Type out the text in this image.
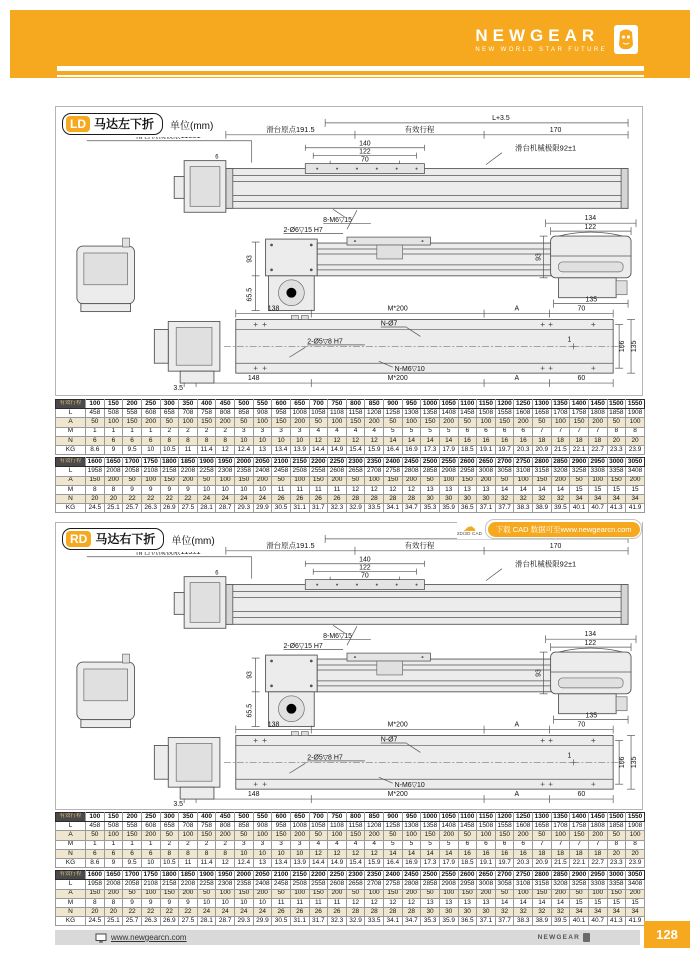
NEWGEAR
NEW WORLD STAR FUTURE
LD 马达左下折 单位(mm)
RD 马达右下折 单位(mm)
☁
2D/3D CAD	下载 CAD 数据可至www.newgearcn.com
L+3.5
滑台原点191.5	有效行程	170
滑台机械极限92±1
140
122
70
6
8-M6▽15
2-Ø6▽15 H7
93
65.5
134
122
93
135
138	M*200	A	70
N-Ø7
2-Ø5▽8 H7
N-M6▽10
1
3.5
148	M*200	A	60
106 135
滑台原点191.5	有效行程	170
滑台机械极限92±1
140
122
70
6
8-M6▽15
2-Ø6▽15 H7
93
65.5
134
122
93
135
138	M*200	A	70
N-Ø7
2-Ø5▽8 H7
N-M6▽10
1
3.5
148	M*200	A	60
106 135
有效行程	100	150	200	250	300	350	400	450	500	550	600	650	700	750	800	850	900	950	1000	1050	1100	1150	1200	1250	1300	1350	1400	1450	1500	1550
L	458	508	558	608	658	708	758	808	858	908	958	1008	1058	1108	1158	1208	1258	1308	1358	1408	1458	1508	1558	1608	1658	1708	1758	1808	1858	1908
A	50	100	150	200	50	100	150	200	50	100	150	200	50	100	150	200	50	100	150	200	50	100	150	200	50	100	150	200	50	100
M	1	1	1	1	2	2	2	2	3	3	3	3	4	4	4	4	5	5	5	5	6	6	6	6	7	7	7	7	8	8
N	6	6	6	6	8	8	8	8	10	10	10	10	12	12	12	12	14	14	14	14	16	16	16	16	18	18	18	18	20	20
KG	8.6	9	9.5	10	10.5	11	11.4	12	12.4	13	13.4	13.9	14.4	14.9	15.4	15.9	16.4	16.9	17.3	17.9	18.5	19.1	19.7	20.3	20.9	21.5	22.1	22.7	23.3	23.9
有效行程	1600	1650	1700	1750	1800	1850	1900	1950	2000	2050	2100	2150	2200	2250	2300	2350	2400	2450	2500	2550	2600	2650	2700	2750	2800	2850	2900	2950	3000	3050
L	1958	2008	2058	2108	2158	2208	2258	2308	2358	2408	2458	2508	2558	2608	2658	2708	2758	2808	2858	2908	2958	3008	3058	3108	3158	3208	3258	3308	3358	3408
A	150	200	50	100	150	200	50	100	150	200	50	100	150	200	50	100	150	200	50	100	150	200	50	100	150	200	50	100	150	200
M	8	8	9	9	9	9	10	10	10	10	11	11	11	11	12	12	12	12	13	13	13	13	14	14	14	14	15	15	15	15
N	20	20	22	22	22	22	24	24	24	24	26	26	26	26	28	28	28	28	30	30	30	30	32	32	32	32	34	34	34	34
KG	24.5	25.1	25.7	26.3	26.9	27.5	28.1	28.7	29.3	29.9	30.5	31.1	31.7	32.3	32.9	33.5	34.1	34.7	35.3	35.9	36.5	37.1	37.7	38.3	38.9	39.5	40.1	40.7	41.3	41.9
有效行程	100	150	200	250	300	350	400	450	500	550	600	650	700	750	800	850	900	950	1000	1050	1100	1150	1200	1250	1300	1350	1400	1450	1500	1550
L	458	508	558	608	658	708	758	808	858	908	958	1008	1058	1108	1158	1208	1258	1308	1358	1408	1458	1508	1558	1608	1658	1708	1758	1808	1858	1908
A	50	100	150	200	50	100	150	200	50	100	150	200	50	100	150	200	50	100	150	200	50	100	150	200	50	100	150	200	50	100
M	1	1	1	1	2	2	2	2	3	3	3	3	4	4	4	4	5	5	5	5	6	6	6	6	7	7	7	7	8	8
N	6	6	6	6	8	8	8	8	10	10	10	10	12	12	12	12	14	14	14	14	16	16	16	16	18	18	18	18	20	20
KG	8.6	9	9.5	10	10.5	11	11.4	12	12.4	13	13.4	13.9	14.4	14.9	15.4	15.9	16.4	16.9	17.3	17.9	18.5	19.1	19.7	20.3	20.9	21.5	22.1	22.7	23.3	23.9
有效行程	1600	1650	1700	1750	1800	1850	1900	1950	2000	2050	2100	2150	2200	2250	2300	2350	2400	2450	2500	2550	2600	2650	2700	2750	2800	2850	2900	2950	3000	3050
L	1958	2008	2058	2108	2158	2208	2258	2308	2358	2408	2458	2508	2558	2608	2658	2708	2758	2808	2858	2908	2958	3008	3058	3108	3158	3208	3258	3308	3358	3408
A	150	200	50	100	150	200	50	100	150	200	50	100	150	200	50	100	150	200	50	100	150	200	50	100	150	200	50	100	150	200
M	8	8	9	9	9	9	10	10	10	10	11	11	11	11	12	12	12	12	13	13	13	13	14	14	14	14	15	15	15	15
N	20	20	22	22	22	22	24	24	24	24	26	26	26	26	28	28	28	28	30	30	30	30	32	32	32	32	34	34	34	34
KG	24.5	25.1	25.7	26.3	26.9	27.5	28.1	28.7	29.3	29.9	30.5	31.1	31.7	32.3	32.9	33.5	34.1	34.7	35.3	35.9	36.5	37.1	37.7	38.3	38.9	39.5	40.1	40.7	41.3	41.9
www.newgearcn.com	NEWGEAR	128
